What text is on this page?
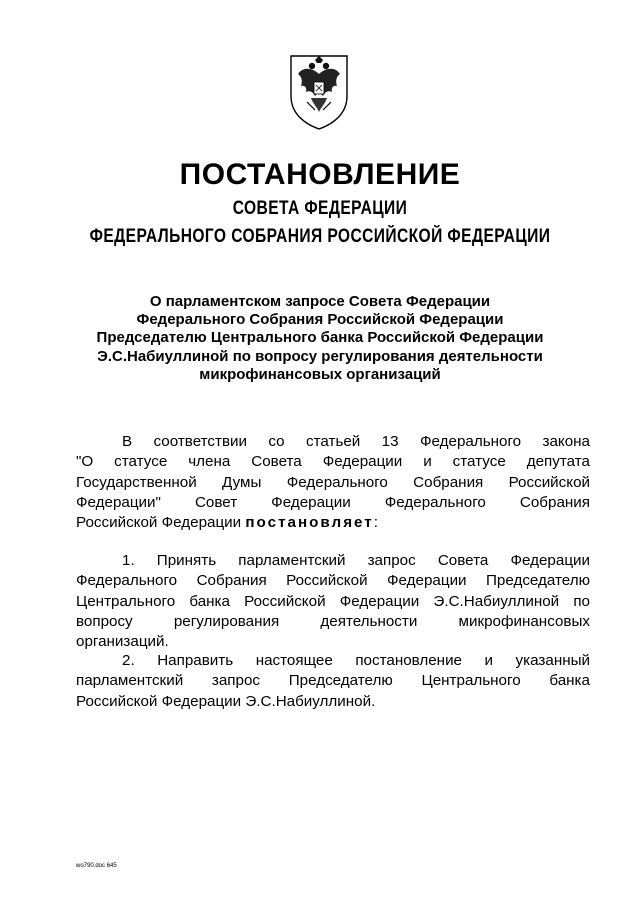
ПОСТАНОВЛЕНИЕ
СОВЕТА ФЕДЕРАЦИИ
ФЕДЕРАЛЬНОГО СОБРАНИЯ РОССИЙСКОЙ ФЕДЕРАЦИИ
О парламентском запросе Совета Федерации
Федерального Собрания Российской Федерации
Председателю Центрального банка Российской Федерации
Э.С.Набиуллиной по вопросу регулирования деятельности
микрофинансовых организаций
В соответствии со статьей 13 Федерального закона
"О статусе члена Совета Федерации и статусе депутата
Государственной Думы Федерального Собрания Российской
Федерации" Совет Федерации Федерального Собрания
Российской Федерации постановляет:
1. Принять парламентский запрос Совета Федерации
Федерального Собрания Российской Федерации Председателю
Центрального банка Российской Федерации Э.С.Набиуллиной по
вопросу регулирования деятельности микрофинансовых
организаций.
2. Направить настоящее постановление и указанный
парламентский запрос Председателю Центрального банка
Российской Федерации Э.С.Набиуллиной.
wo790.doc 645
